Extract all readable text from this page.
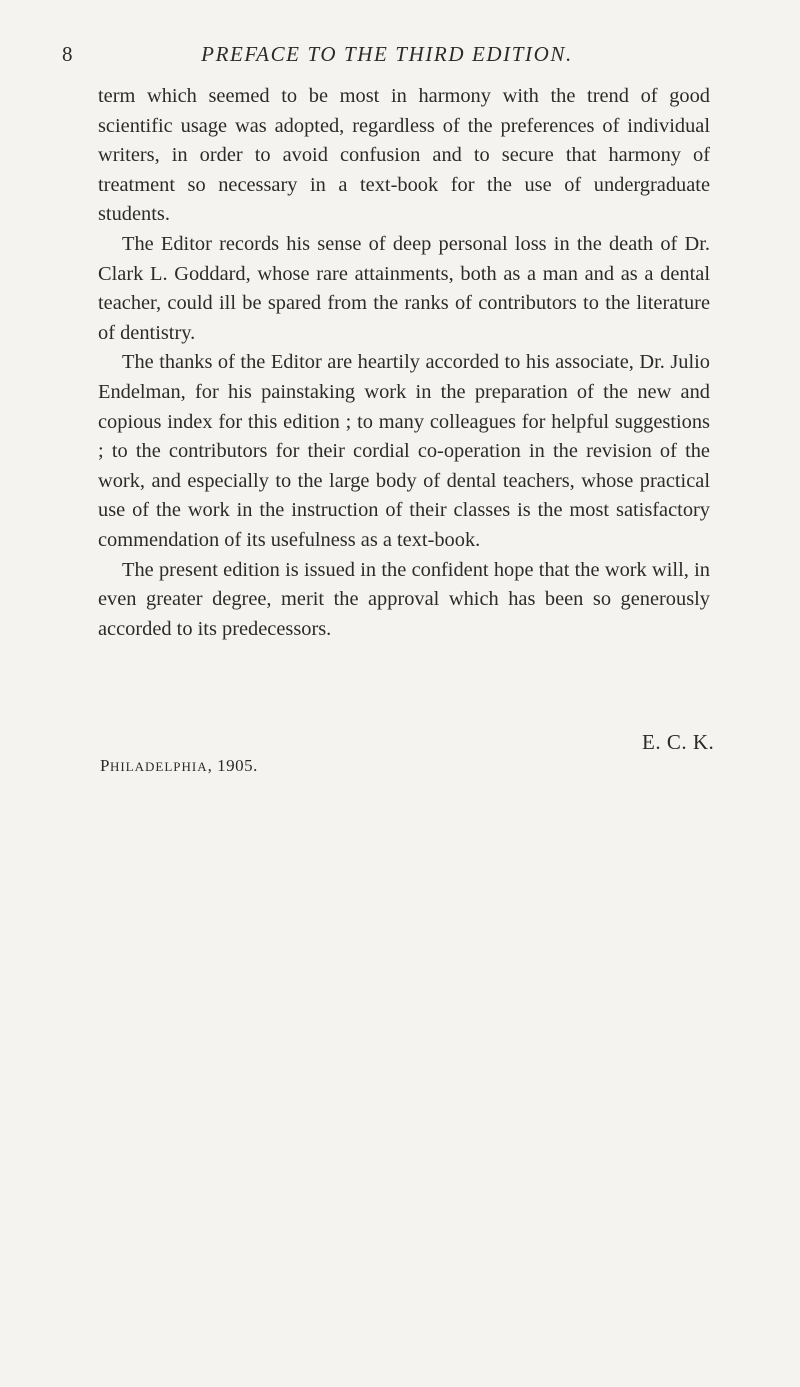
8	PREFACE TO THE THIRD EDITION.

term which seemed to be most in harmony with the trend of good scientific usage was adopted, regardless of the preferences of individual writers, in order to avoid confusion and to secure that harmony of treatment so necessary in a text-book for the use of undergraduate students.

The Editor records his sense of deep personal loss in the death of Dr. Clark L. Goddard, whose rare attainments, both as a man and as a dental teacher, could ill be spared from the ranks of contributors to the literature of dentistry.

The thanks of the Editor are heartily accorded to his associate, Dr. Julio Endelman, for his painstaking work in the preparation of the new and copious index for this edition ; to many colleagues for helpful suggestions ; to the contributors for their cordial co-operation in the revision of the work, and especially to the large body of dental teachers, whose practical use of the work in the instruction of their classes is the most satisfactory commendation of its usefulness as a text-book.

The present edition is issued in the confident hope that the work will, in even greater degree, merit the approval which has been so generously accorded to its predecessors.

E. C. K.
PHILADELPHIA, 1905.
